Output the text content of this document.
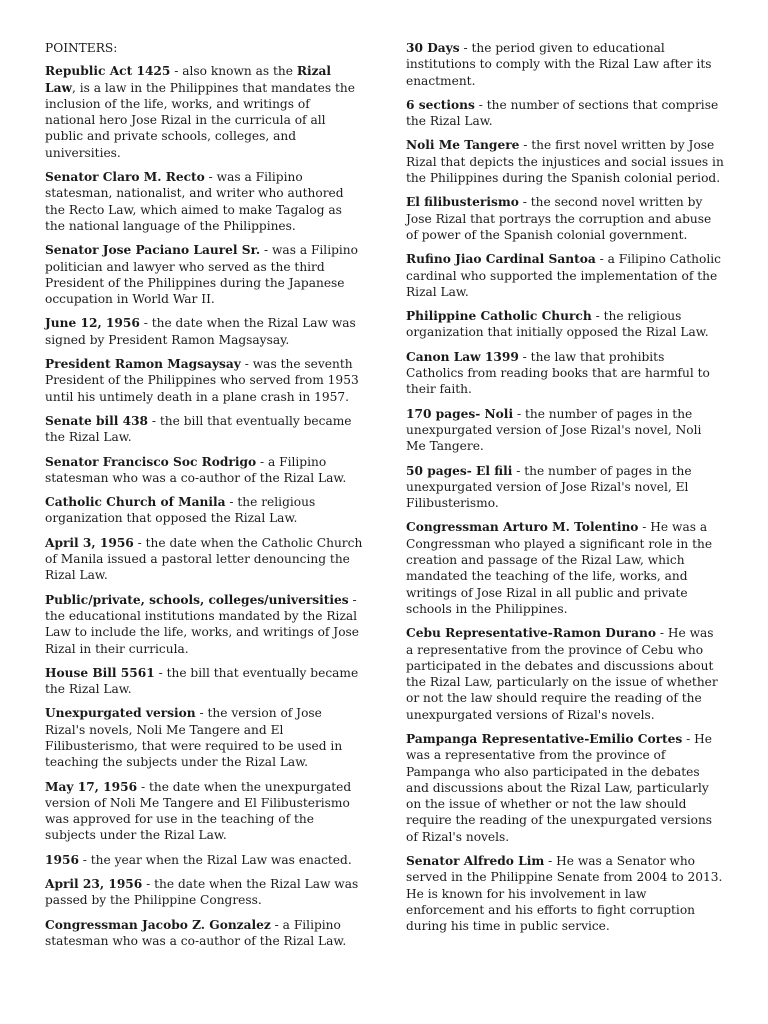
POINTERS:

Republic Act 1425 - also known as the Rizal Law, is a law in the Philippines that mandates the inclusion of the life, works, and writings of national hero Jose Rizal in the curricula of all public and private schools, colleges, and universities.

Senator Claro M. Recto - was a Filipino statesman, nationalist, and writer who authored the Recto Law, which aimed to make Tagalog as the national language of the Philippines.

Senator Jose Paciano Laurel Sr. - was a Filipino politician and lawyer who served as the third President of the Philippines during the Japanese occupation in World War II.

June 12, 1956 - the date when the Rizal Law was signed by President Ramon Magsaysay.

President Ramon Magsaysay - was the seventh President of the Philippines who served from 1953 until his untimely death in a plane crash in 1957.

Senate bill 438 - the bill that eventually became the Rizal Law.

Senator Francisco Soc Rodrigo - a Filipino statesman who was a co-author of the Rizal Law.

Catholic Church of Manila - the religious organization that opposed the Rizal Law.

April 3, 1956 - the date when the Catholic Church of Manila issued a pastoral letter denouncing the Rizal Law.

Public/private, schools, colleges/universities - the educational institutions mandated by the Rizal Law to include the life, works, and writings of Jose Rizal in their curricula.

House Bill 5561 - the bill that eventually became the Rizal Law.

Unexpurgated version - the version of Jose Rizal's novels, Noli Me Tangere and El Filibusterismo, that were required to be used in teaching the subjects under the Rizal Law.

May 17, 1956 - the date when the unexpurgated version of Noli Me Tangere and El Filibusterismo was approved for use in the teaching of the subjects under the Rizal Law.

1956 - the year when the Rizal Law was enacted.

April 23, 1956 - the date when the Rizal Law was passed by the Philippine Congress.

Congressman Jacobo Z. Gonzalez - a Filipino statesman who was a co-author of the Rizal Law.

30 Days - the period given to educational institutions to comply with the Rizal Law after its enactment.

6 sections - the number of sections that comprise the Rizal Law.

Noli Me Tangere - the first novel written by Jose Rizal that depicts the injustices and social issues in the Philippines during the Spanish colonial period.

El filibusterismo - the second novel written by Jose Rizal that portrays the corruption and abuse of power of the Spanish colonial government.

Rufino Jiao Cardinal Santoa - a Filipino Catholic cardinal who supported the implementation of the Rizal Law.

Philippine Catholic Church - the religious organization that initially opposed the Rizal Law.

Canon Law 1399 - the law that prohibits Catholics from reading books that are harmful to their faith.

170 pages- Noli - the number of pages in the unexpurgated version of Jose Rizal's novel, Noli Me Tangere.

50 pages- El fili - the number of pages in the unexpurgated version of Jose Rizal's novel, El Filibusterismo.

Congressman Arturo M. Tolentino - He was a Congressman who played a significant role in the creation and passage of the Rizal Law, which mandated the teaching of the life, works, and writings of Jose Rizal in all public and private schools in the Philippines.

Cebu Representative-Ramon Durano - He was a representative from the province of Cebu who participated in the debates and discussions about the Rizal Law, particularly on the issue of whether or not the law should require the reading of the unexpurgated versions of Rizal's novels.

Pampanga Representative-Emilio Cortes - He was a representative from the province of Pampanga who also participated in the debates and discussions about the Rizal Law, particularly on the issue of whether or not the law should require the reading of the unexpurgated versions of Rizal's novels.

Senator Alfredo Lim - He was a Senator who served in the Philippine Senate from 2004 to 2013. He is known for his involvement in law enforcement and his efforts to fight corruption during his time in public service.
